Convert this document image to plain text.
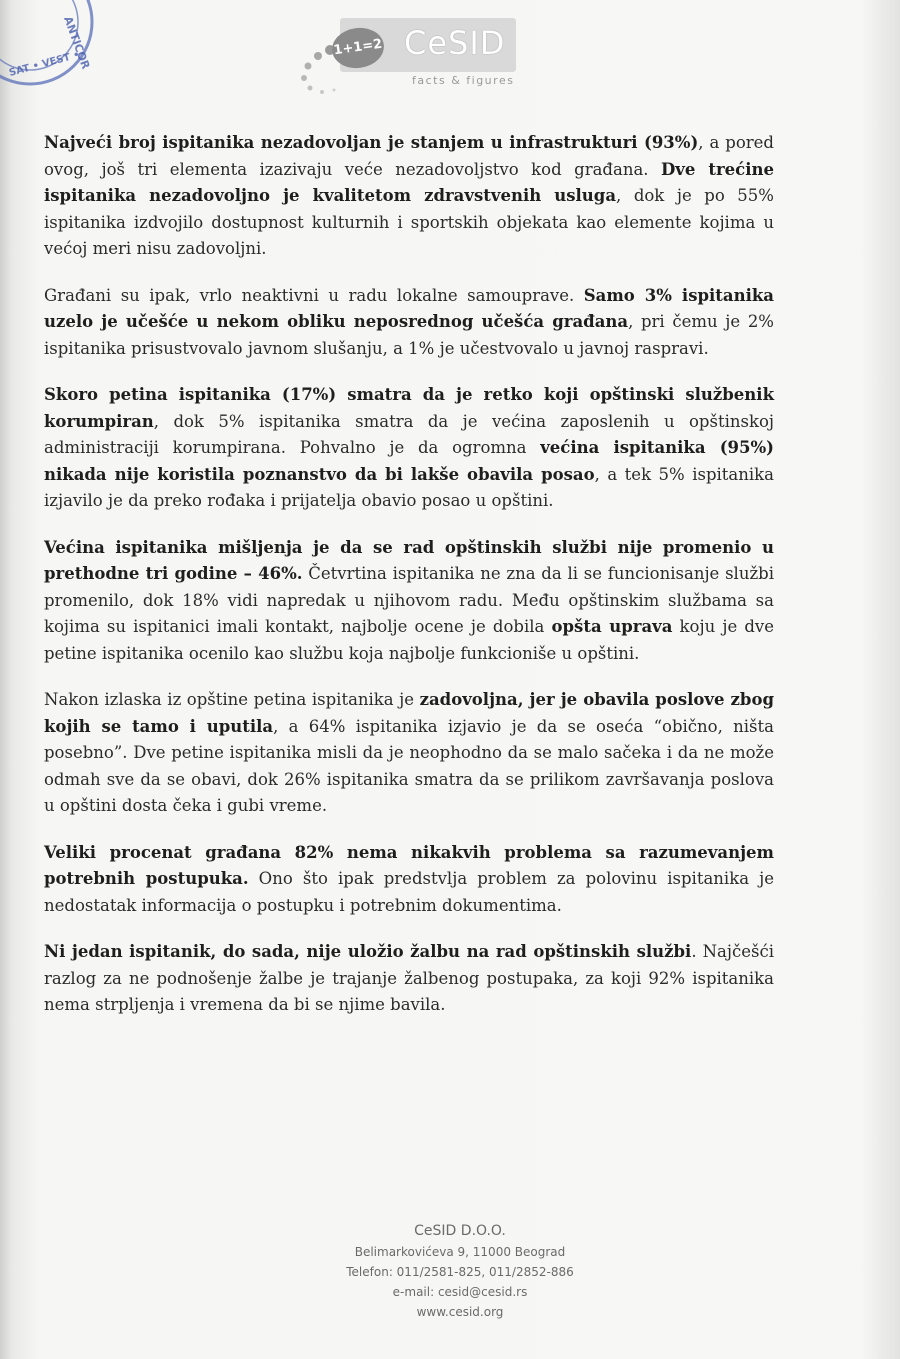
ANTICOR
SAT • VEST •
1+1=2 CeSID
facts & figures

Najveći broj ispitanika nezadovoljan je stanjem u infrastrukturi (93%), a pored ovog, još tri elementa izazivaju veće nezadovoljstvo kod građana. Dve trećine ispitanika nezadovoljno je kvalitetom zdravstvenih usluga, dok je po 55% ispitanika izdvojilo dostupnost kulturnih i sportskih objekata kao elemente kojima u većoj meri nisu zadovoljni.

Građani su ipak, vrlo neaktivni u radu lokalne samouprave. Samo 3% ispitanika uzelo je učešće u nekom obliku neposrednog učešća građana, pri čemu je 2% ispitanika prisustvovalo javnom slušanju, a 1% je učestvovalo u javnoj raspravi.

Skoro petina ispitanika (17%) smatra da je retko koji opštinski službenik korumpiran, dok 5% ispitanika smatra da je većina zaposlenih u opštinskoj administraciji korumpirana. Pohvalno je da ogromna većina ispitanika (95%) nikada nije koristila poznanstvo da bi lakše obavila posao, a tek 5% ispitanika izjavilo je da preko rođaka i prijatelja obavio posao u opštini.

Većina ispitanika mišljenja je da se rad opštinskih službi nije promenio u prethodne tri godine – 46%. Četvrtina ispitanika ne zna da li se funcionisanje službi promenilo, dok 18% vidi napredak u njihovom radu. Među opštinskim službama sa kojima su ispitanici imali kontakt, najbolje ocene je dobila opšta uprava koju je dve petine ispitanika ocenilo kao službu koja najbolje funkcioniše u opštini.

Nakon izlaska iz opštine petina ispitanika je zadovoljna, jer je obavila poslove zbog kojih se tamo i uputila, a 64% ispitanika izjavio je da se oseća “obično, ništa posebno”. Dve petine ispitanika misli da je neophodno da se malo sačeka i da ne može odmah sve da se obavi, dok 26% ispitanika smatra da se prilikom završavanja poslova u opštini dosta čeka i gubi vreme.

Veliki procenat građana 82% nema nikakvih problema sa razumevanjem potrebnih postupuka. Ono što ipak predstvlja problem za polovinu ispitanika je nedostatak informacija o postupku i potrebnim dokumentima.

Ni jedan ispitanik, do sada, nije uložio žalbu na rad opštinskih službi. Najčešći razlog za ne podnošenje žalbe je trajanje žalbenog postupaka, za koji 92% ispitanika nema strpljenja i vremena da bi se njime bavila.

CeSID D.O.O.
Belimarkovićeva 9, 11000 Beograd
Telefon: 011/2581-825, 011/2852-886
e-mail: cesid@cesid.rs
www.cesid.org
